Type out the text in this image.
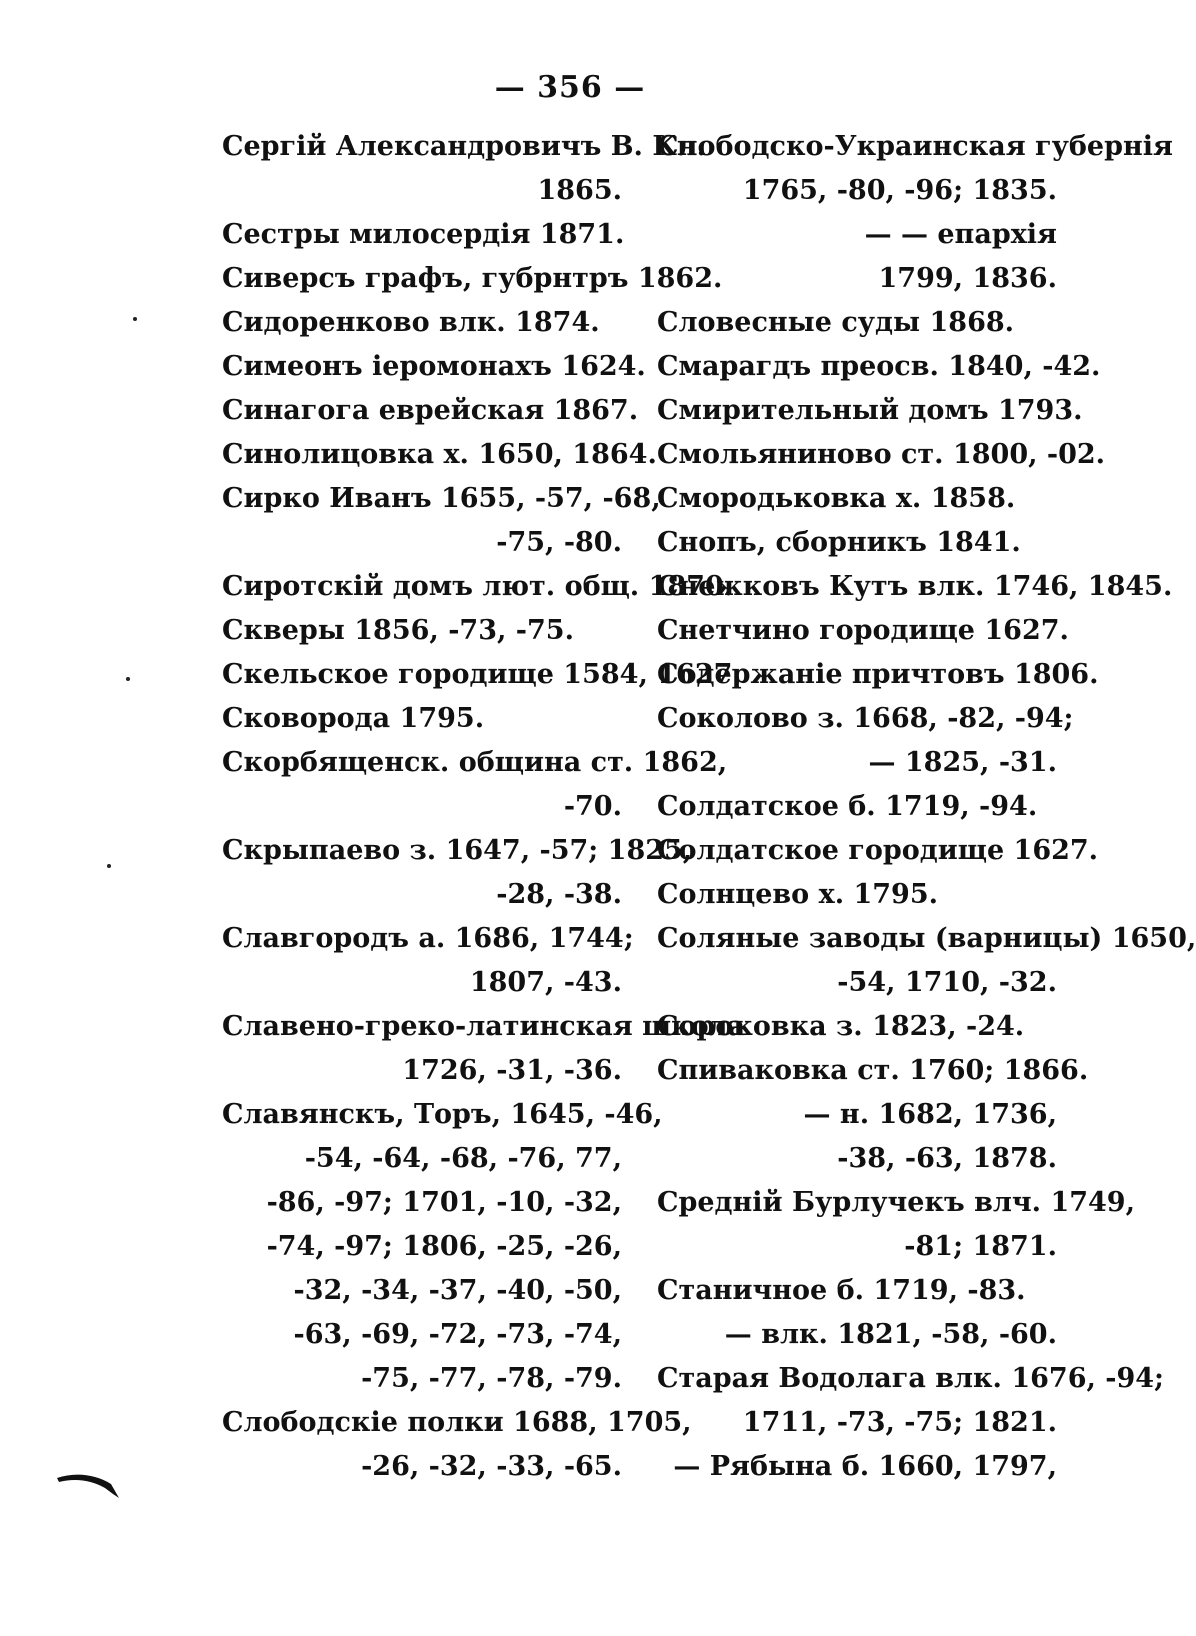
— 356 —
Сергій Александровичъ В. Кн.
1865.
Сестры милосердія 1871.
Сиверсъ графъ, губрнтръ 1862.
Сидоренково влк. 1874.
Симеонъ іеромонахъ 1624.
Синагога еврейская 1867.
Синолицовка х. 1650, 1864.
Сирко Иванъ 1655, -57, -68,
-75, -80.
Сиротскій домъ лют. общ. 1870.
Скверы 1856, -73, -75.
Скельское городище 1584, 1627.
Сковорода 1795.
Скорбященск. община ст. 1862,
-70.
Скрыпаево з. 1647, -57; 1825,
-28, -38.
Славгородъ а. 1686, 1744;
1807, -43.
Славено-греко-латинская школа
1726, -31, -36.
Славянскъ, Торъ, 1645, -46,
-54, -64, -68, -76, 77,
-86, -97; 1701, -10, -32,
-74, -97; 1806, -25, -26,
-32, -34, -37, -40, -50,
-63, -69, -72, -73, -74,
-75, -77, -78, -79.
Слободскіе полки 1688, 1705,
-26, -32, -33, -65.
Слободско-Украинская губернія
1765, -80, -96; 1835.
— — епархія
1799, 1836.
Словесные суды 1868.
Смарагдъ преосв. 1840, -42.
Смирительный домъ 1793.
Смольяниново ст. 1800, -02.
Смородьковка х. 1858.
Снопъ, сборникъ 1841.
Снежковъ Кутъ влк. 1746, 1845.
Снетчино городище 1627.
Содержаніе причтовъ 1806.
Соколово з. 1668, -82, -94;
— 1825, -31.
Солдатское б. 1719, -94.
Солдатское городище 1627.
Солнцево х. 1795.
Соляные заводы (варницы) 1650,
-54, 1710, -32.
Сороковка з. 1823, -24.
Спиваковка ст. 1760; 1866.
— н. 1682, 1736,
-38, -63, 1878.
Средній Бурлучекъ влч. 1749,
-81; 1871.
Станичное б. 1719, -83.
— влк. 1821, -58, -60.
Старая Водолага влк. 1676, -94;
1711, -73, -75; 1821.
— Рябына б. 1660, 1797,
